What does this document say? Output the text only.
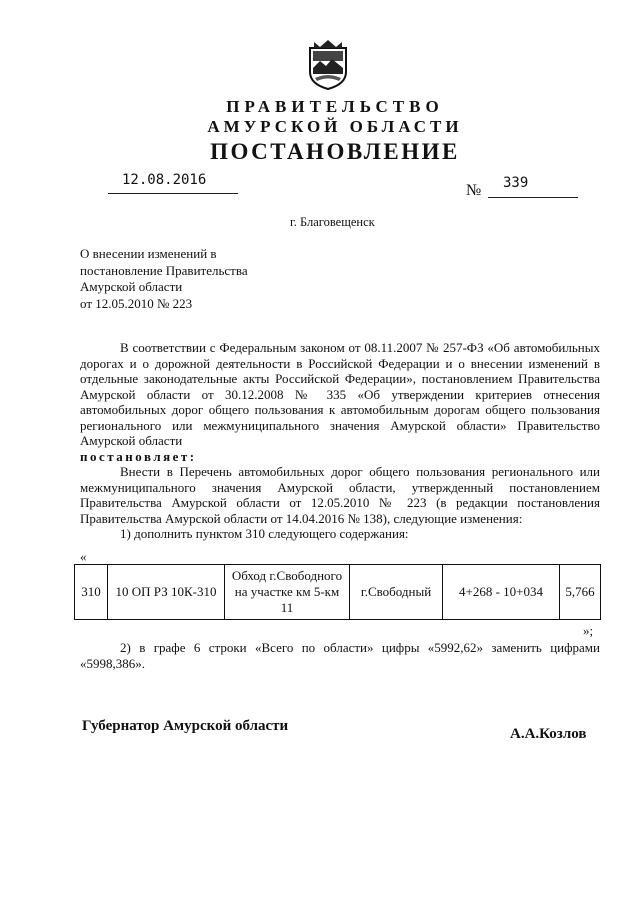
ПРАВИТЕЛЬСТВО
АМУРСКОЙ ОБЛАСТИ
ПОСТАНОВЛЕНИЕ
12.08.2016
№ 339
г. Благовещенск
О внесении изменений в
постановление Правительства
Амурской области
от 12.05.2010 № 223

В соответствии с Федеральным законом от 08.11.2007 № 257-ФЗ «Об автомобильных дорогах и о дорожной деятельности в Российской Федерации и о внесении изменений в отдельные законодательные акты Российской Федерации», постановлением Правительства Амурской области от 30.12.2008 № 335 «Об утверждении критериев отнесения автомобильных дорог общего пользования к автомобильным дорогам общего пользования регионального или межмуниципального значения Амурской области» Правительство Амурской области

постановляет:

Внести в Перечень автомобильных дорог общего пользования регионального или межмуниципального значения Амурской области, утвержденный постановлением Правительства Амурской области от 12.05.2010 № 223 (в редакции постановления Правительства Амурской области от 14.04.2016 № 138), следующие изменения:

1) дополнить пунктом 310 следующего содержания:

«
310	10 ОП РЗ 10К-310	Обход г.Свободного на участке км 5-км 11	г.Свободный	4+268 - 10+034	5,766
»;

2) в графе 6 строки «Всего по области» цифры «5992,62» заменить цифрами «5998,386».

Губернатор Амурской области	А.А.Козлов
